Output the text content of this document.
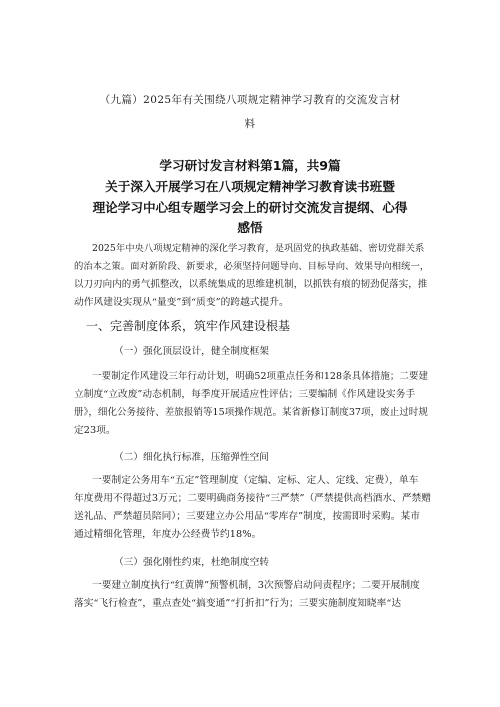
（九篇）2025年有关围绕八项规定精神学习教育的交流发言材
料
学习研讨发言材料第1篇，共9篇
关于深入开展学习在八项规定精神学习教育读书班暨
理论学习中心组专题学习会上的研讨交流发言提纲、心得
感悟
2025年中央八项规定精神的深化学习教育，是巩固党的执政基础、密切党群关系
的治本之策。面对新阶段、新要求，必须坚持问题导向、目标导向、效果导向相统一，
以刀刃向内的勇气抓整改，以系统集成的思维建机制，以抓铁有痕的韧劲促落实，推
动作风建设实现从“量变”到“质变”的跨越式提升。
一、完善制度体系，筑牢作风建设根基
（一）强化顶层设计，健全制度框架
一要制定作风建设三年行动计划，明确52项重点任务和128条具体措施；二要建
立制度“立改废”动态机制，每季度开展适应性评估；三要编制《作风建设实务手
册》，细化公务接待、差旅报销等15项操作规范。某省新修订制度37项，废止过时规
定23项。
（二）细化执行标准，压缩弹性空间
一要制定公务用车“五定”管理制度（定编、定标、定人、定线、定费），单车
年度费用不得超过3万元；二要明确商务接待“三严禁”（严禁提供高档酒水、严禁赠
送礼品、严禁超员陪同）；三要建立办公用品“零库存”制度，按需即时采购。某市
通过精细化管理，年度办公经费节约18%。
（三）强化刚性约束，杜绝制度空转
一要建立制度执行“红黄牌”预警机制，3次预警启动问责程序；二要开展制度
落实“飞行检查”，重点查处“搞变通”“打折扣”行为；三要实施制度知晓率“达
